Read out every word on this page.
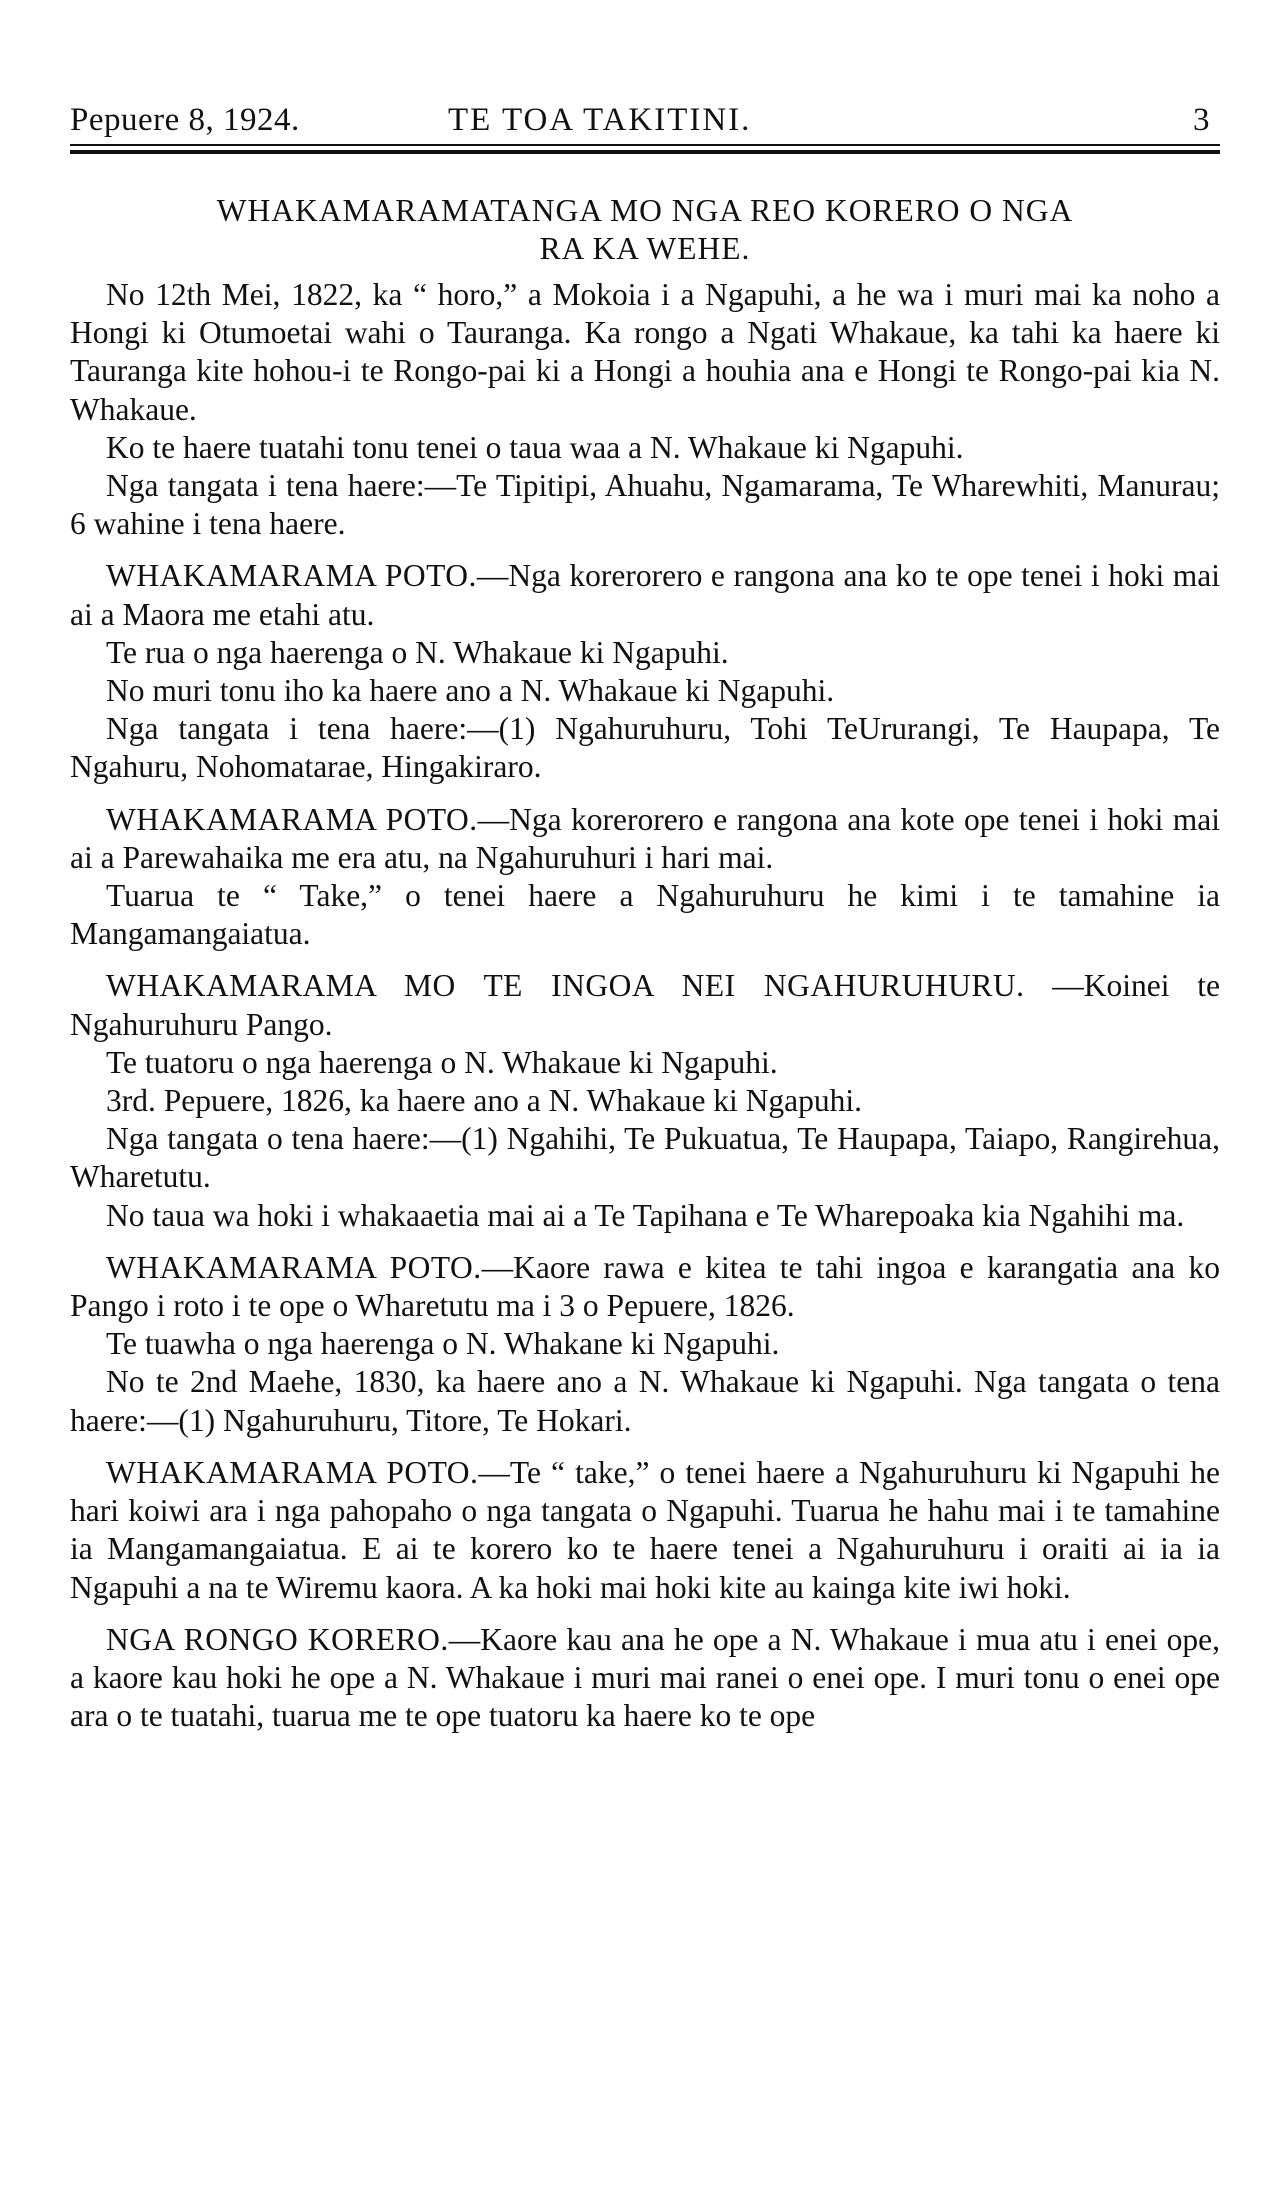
Pepuere 8, 1924.	TE TOA TAKITINI.	3
WHAKAMARAMATANGA MO NGA REO KORERO O NGA
RA KA WEHE.

No 12th Mei, 1822, ka “ horo,” a Mokoia i a Ngapuhi, a he wa i muri mai ka noho a Hongi ki Otumoetai wahi o Tauranga. Ka rongo a Ngati Whakaue, ka tahi ka haere ki Tauranga kite hohou-i te Rongo-pai ki a Hongi a houhia ana e Hongi te Rongo-pai kia N. Whakaue.

Ko te haere tuatahi tonu tenei o taua waa a N. Whakaue ki Ngapuhi.

Nga tangata i tena haere:—Te Tipitipi, Ahuahu, Ngamarama, Te Wharewhiti, Manurau; 6 wahine i tena haere.

WHAKAMARAMA POTO.—Nga korerorero e rangona ana ko te ope tenei i hoki mai ai a Maora me etahi atu.

Te rua o nga haerenga o N. Whakaue ki Ngapuhi.

No muri tonu iho ka haere ano a N. Whakaue ki Ngapuhi.

Nga tangata i tena haere:—(1) Ngahuruhuru, Tohi TeUrurangi, Te Haupapa, Te Ngahuru, Nohomatarae, Hingakiraro.

WHAKAMARAMA POTO.—Nga korerorero e rangona ana kote ope tenei i hoki mai ai a Parewahaika me era atu, na Ngahuruhuri i hari mai.

Tuarua te “ Take,” o tenei haere a Ngahuruhuru he kimi i te tamahine ia Mangamangaiatua.

WHAKAMARAMA MO TE INGOA NEI NGAHURUHURU. —Koinei te Ngahuruhuru Pango.

Te tuatoru o nga haerenga o N. Whakaue ki Ngapuhi.

3rd. Pepuere, 1826, ka haere ano a N. Whakaue ki Ngapuhi.

Nga tangata o tena haere:—(1) Ngahihi, Te Pukuatua, Te Haupapa, Taiapo, Rangirehua, Wharetutu.

No taua wa hoki i whakaaetia mai ai a Te Tapihana e Te Wharepoaka kia Ngahihi ma.

WHAKAMARAMA POTO.—Kaore rawa e kitea te tahi ingoa e karangatia ana ko Pango i roto i te ope o Wharetutu ma i 3 o Pepuere, 1826.

Te tuawha o nga haerenga o N. Whakane ki Ngapuhi.

No te 2nd Maehe, 1830, ka haere ano a N. Whakaue ki Ngapuhi. Nga tangata o tena haere:—(1) Ngahuruhuru, Titore, Te Hokari.

WHAKAMARAMA POTO.—Te “ take,” o tenei haere a Ngahuruhuru ki Ngapuhi he hari koiwi ara i nga pahopaho o nga tangata o Ngapuhi. Tuarua he hahu mai i te tamahine ia Mangamangaiatua. E ai te korero ko te haere tenei a Ngahuruhuru i oraiti ai ia ia Ngapuhi a na te Wiremu kaora. A ka hoki mai hoki kite au kainga kite iwi hoki.

NGA RONGO KORERO.—Kaore kau ana he ope a N. Whakaue i mua atu i enei ope, a kaore kau hoki he ope a N. Whakaue i muri mai ranei o enei ope. I muri tonu o enei ope ara o te tuatahi, tuarua me te ope tuatoru ka haere ko te ope
